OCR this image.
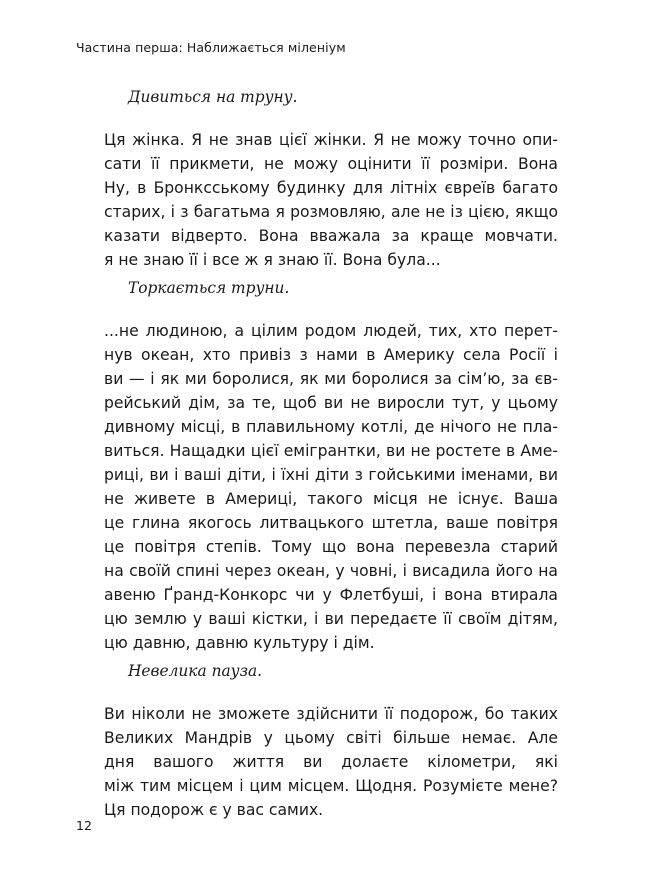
Частина перша: Наближається міленіум
Дивиться на труну.
Ця жінка. Я не знав цієї жінки. Я не можу точно опи-
сати її прикмети, не можу оцінити її розміри. Вона
Ну, в Бронксському будинку для літніх євреїв багато
старих, і з багатьма я розмовляю, але не із цією, якщо
казати відверто. Вона вважала за краще мовчати.
я не знаю її і все ж я знаю її. Вона була...
Торкається труни.
...не людиною, а цілим родом людей, тих, хто перет-
нув океан, хто привіз з нами в Америку села Росії і
ви — і як ми боролися, як ми боролися за сім’ю, за єв-
рейський дім, за те, щоб ви не виросли тут, у цьому
дивному місці, в плавильному котлі, де нічого не пла-
виться. Нащадки цієї емігрантки, ви не ростете в Аме-
риці, ви і ваші діти, і їхні діти з гойськими іменами, ви
не живете в Америці, такого місця не існує. Ваша
це глина якогось литвацького штетла, ваше повітря
це повітря степів. Тому що вона перевезла старий
на своїй спині через океан, у човні, і висадила його на
авеню Ґранд-Конкорс чи у Флетбуші, і вона втирала
цю землю у ваші кістки, і ви передаєте її своїм дітям,
цю давню, давню культуру і дім.
Невелика пауза.
Ви ніколи не зможете здійснити її подорож, бо таких
Великих Мандрів у цьому світі більше немає. Але
дня вашого життя ви долаєте кілометри, які
між тим місцем і цим місцем. Щодня. Розумієте мене?
Ця подорож є у вас самих.
12
